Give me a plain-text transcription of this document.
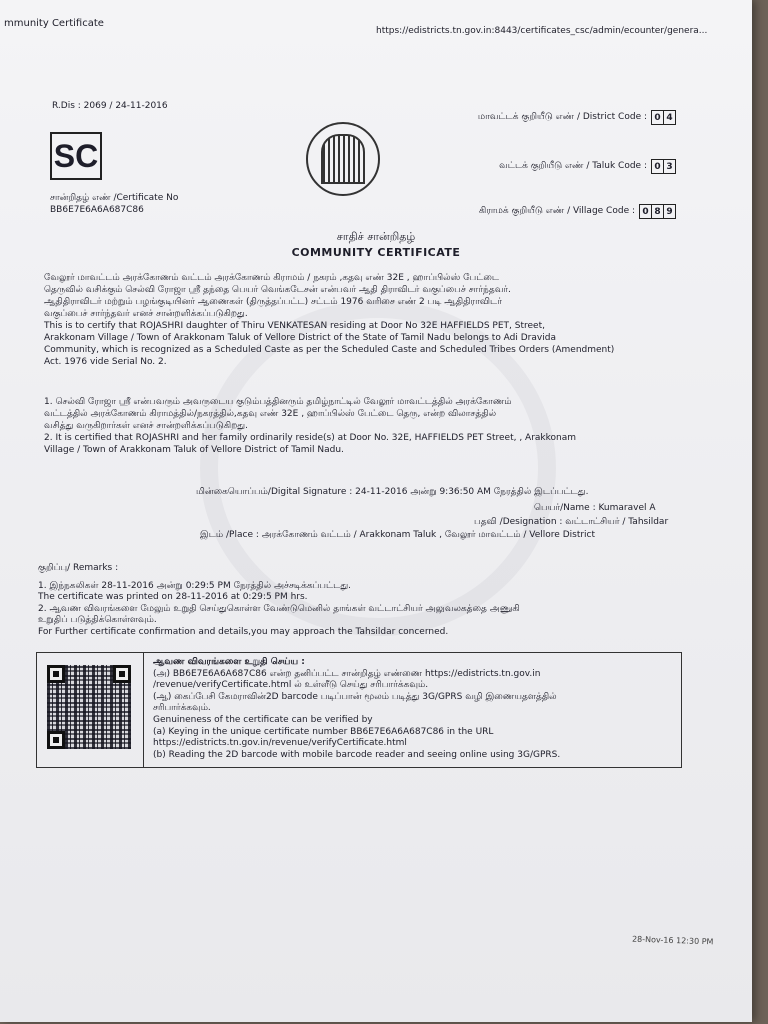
mmunity Certificate
https://edistricts.tn.gov.in:8443/certificates_csc/admin/ecounter/genera...
R.Dis : 2069 / 24-11-2016
SC
சான்றிதழ் எண் /Certificate No
BB6E7E6A6A687C86
மாவட்டக் குறியீடு எண் / District Code : 0 4
வட்டக் குறியீடு எண் / Taluk Code : 0 3
கிராமக் குறியீடு எண் / Village Code : 0 8 9
சாதிச் சான்றிதழ்
COMMUNITY CERTIFICATE
வேலூர் மாவட்டம் அரக்கோணம் வட்டம் அரக்கோணம் கிராமம் / நகரம் ,கதவு எண் 32E , ஹாப்பில்ஸ் பேட்டை
தெருவில் வசிக்கும் செல்வி ரோஜா ஸ்ரீ தந்தை பெயர் வெங்கடேசன் என்பவர் ஆதி திராவிடர் வகுப்பைச் சார்ந்தவர்.
ஆதிதிராவிடர் மற்றும் பழங்குடியினர் ஆணைகள் (திருத்தப்பட்ட) சட்டம் 1976 வரிசை எண் 2 படி ஆதிதிராவிடர்
வகுப்பைச் சார்ந்தவர் எனச் சான்றளிக்கப்படுகிறது.
This is to certify that ROJASHRI daughter of Thiru VENKATESAN residing at Door No 32E HAFFIELDS PET, Street,
Arakkonam Village / Town of Arakkonam Taluk of Vellore District of the State of Tamil Nadu belongs to Adi Dravida
Community, which is recognized as a Scheduled Caste as per the Scheduled Caste and Scheduled Tribes Orders (Amendment)
Act. 1976 vide Serial No. 2.
1. செல்வி ரோஜா ஸ்ரீ என்பவரும் அவருடைய குடும்பத்தினரும் தமிழ்நாட்டில் வேலூர் மாவட்டத்தில் அரக்கோணம்
வட்டத்தில் அரக்கோணம் கிராமத்தில்/நகரத்தில்,கதவு எண் 32E , ஹாப்பில்ஸ் பேட்டை தெரு, என்ற விலாசத்தில்
வசித்து வருகிறார்கள் எனச் சான்றளிக்கப்படுகிறது.
2. It is certified that ROJASHRI and her family ordinarily reside(s) at Door No. 32E, HAFFIELDS PET Street, , Arakkonam
Village / Town of Arakkonam Taluk of Vellore District of Tamil Nadu.
மின்கையொப்பம்/Digital Signature : 24-11-2016 அன்று 9:36:50 AM நேரத்தில் இடப்பட்டது.
பெயர்/Name : Kumaravel A
பதவி /Designation : வட்டாட்சியர் / Tahsildar
இடம் /Place : அரக்கோணம் வட்டம் / Arakkonam Taluk , வேலூர் மாவட்டம் / Vellore District
குறிப்பு/ Remarks :
1. இந்நகலிகள் 28-11-2016 அன்று 0:29:5 PM நேரத்தில் அச்சடிக்கப்பட்டது.
The certificate was printed on 28-11-2016 at 0:29:5 PM hrs.
2. ஆவண விவரங்களை மேலும் உறுதி செய்துகொள்ள வேண்டுமெனில் தாங்கள் வட்டாட்சியர் அலுவலகத்தை அணுகி
உறுதிப் படுத்திக்கொள்ளவும்.
For Further certificate confirmation and details,you may approach the Tahsildar concerned.
ஆவண விவரங்களை உறுதி செய்ய :
(அ) BB6E7E6A6A687C86 என்ற தனிப்பட்ட சான்றிதழ் எண்ணை https://edistricts.tn.gov.in
/revenue/verifyCertificate.html ல் உள்ளீடு செய்து சரிபார்க்கவும்.
(ஆ) கைப்பேசி கேமராவின்2D barcode படிப்பான் மூலம் படித்து 3G/GPRS வழி இணையதளத்தில்
சரிபார்க்கவும்.
Genuineness of the certificate can be verified by
(a) Keying in the unique certificate number BB6E7E6A6A687C86 in the URL
https://edistricts.tn.gov.in/revenue/verifyCertificate.html
(b) Reading the 2D barcode with mobile barcode reader and seeing online using 3G/GPRS.
28-Nov-16 12:30 PM
